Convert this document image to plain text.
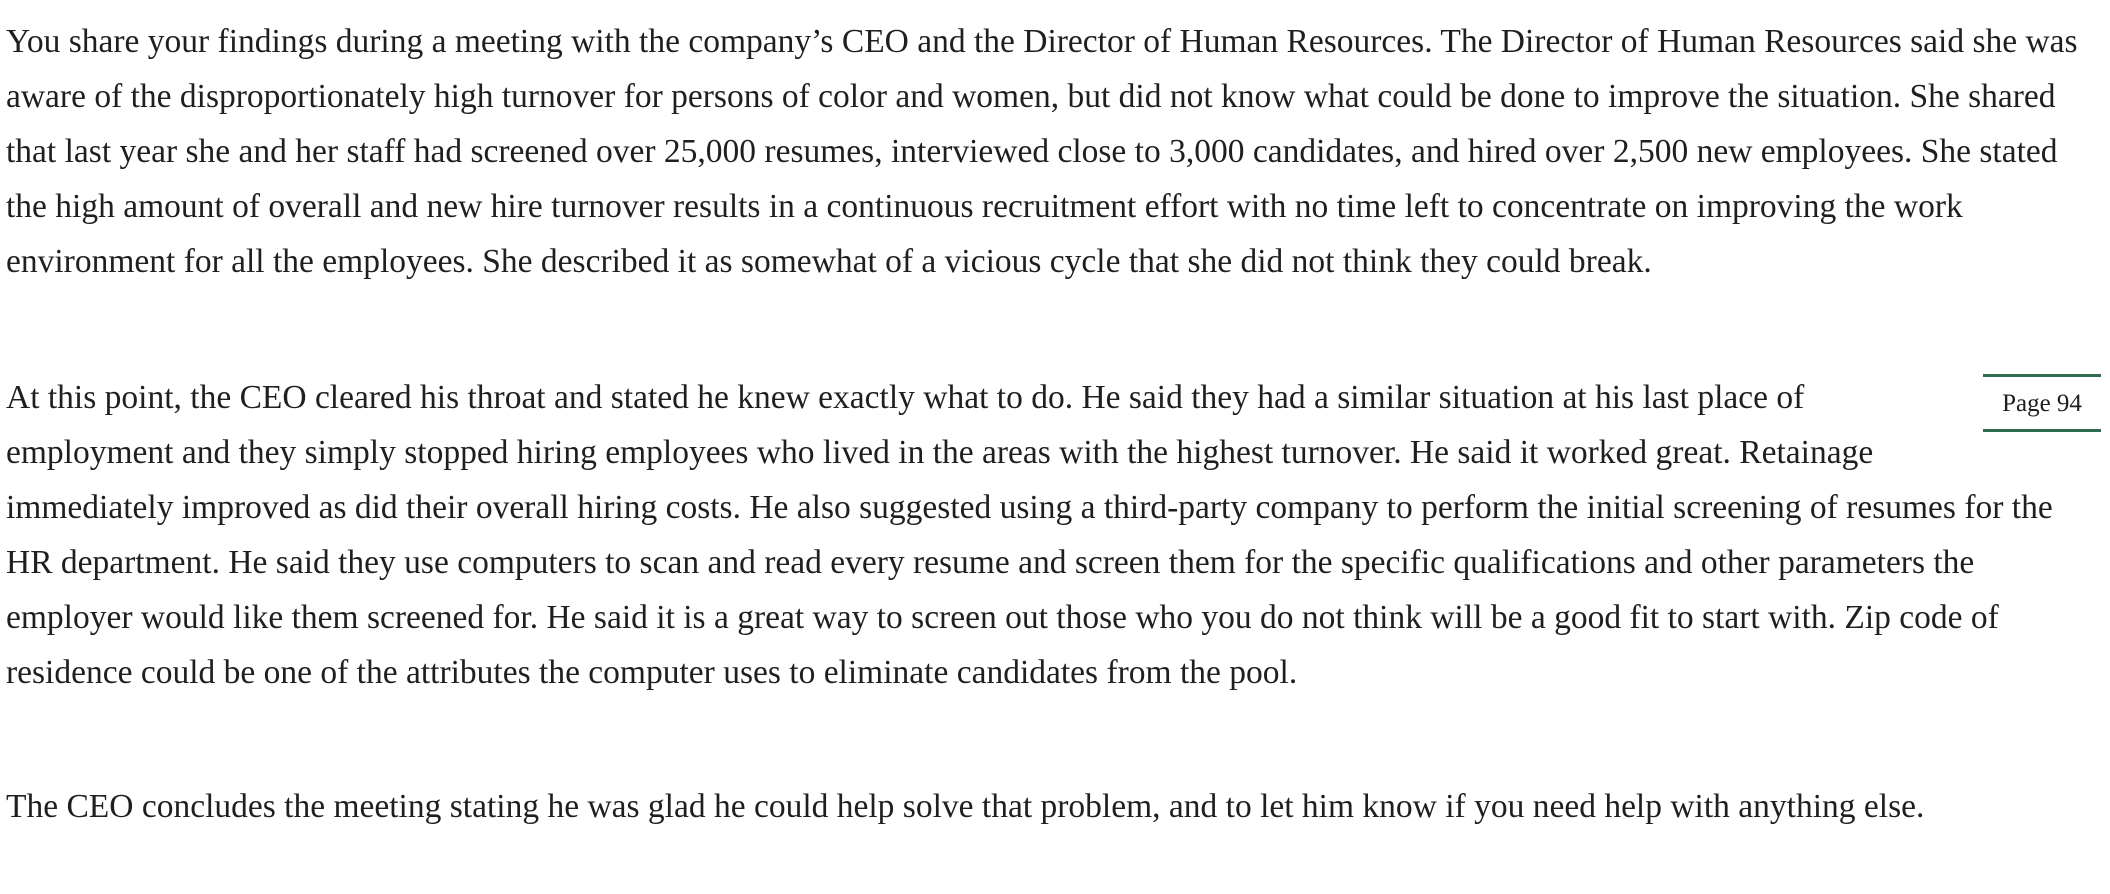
You share your findings during a meeting with the company’s CEO and the Director of Human Resources. The Director of Human Resources said she was aware of the disproportionately high turnover for persons of color and women, but did not know what could be done to improve the situation. She shared that last year she and her staff had screened over 25,000 resumes, interviewed close to 3,000 candidates, and hired over 2,500 new employees. She stated the high amount of overall and new hire turnover results in a continuous recruitment effort with no time left to concentrate on improving the work environment for all the employees. She described it as somewhat of a vicious cycle that she did not think they could break.

Page 94
At this point, the CEO cleared his throat and stated he knew exactly what to do. He said they had a similar situation at his last place of employment and they simply stopped hiring employees who lived in the areas with the highest turnover. He said it worked great. Retainage immediately improved as did their overall hiring costs. He also suggested using a third-party company to perform the initial screening of resumes for the HR department. He said they use computers to scan and read every resume and screen them for the specific qualifications and other parameters the employer would like them screened for. He said it is a great way to screen out those who you do not think will be a good fit to start with. Zip code of residence could be one of the attributes the computer uses to eliminate candidates from the pool.

The CEO concludes the meeting stating he was glad he could help solve that problem, and to let him know if you need help with anything else.
